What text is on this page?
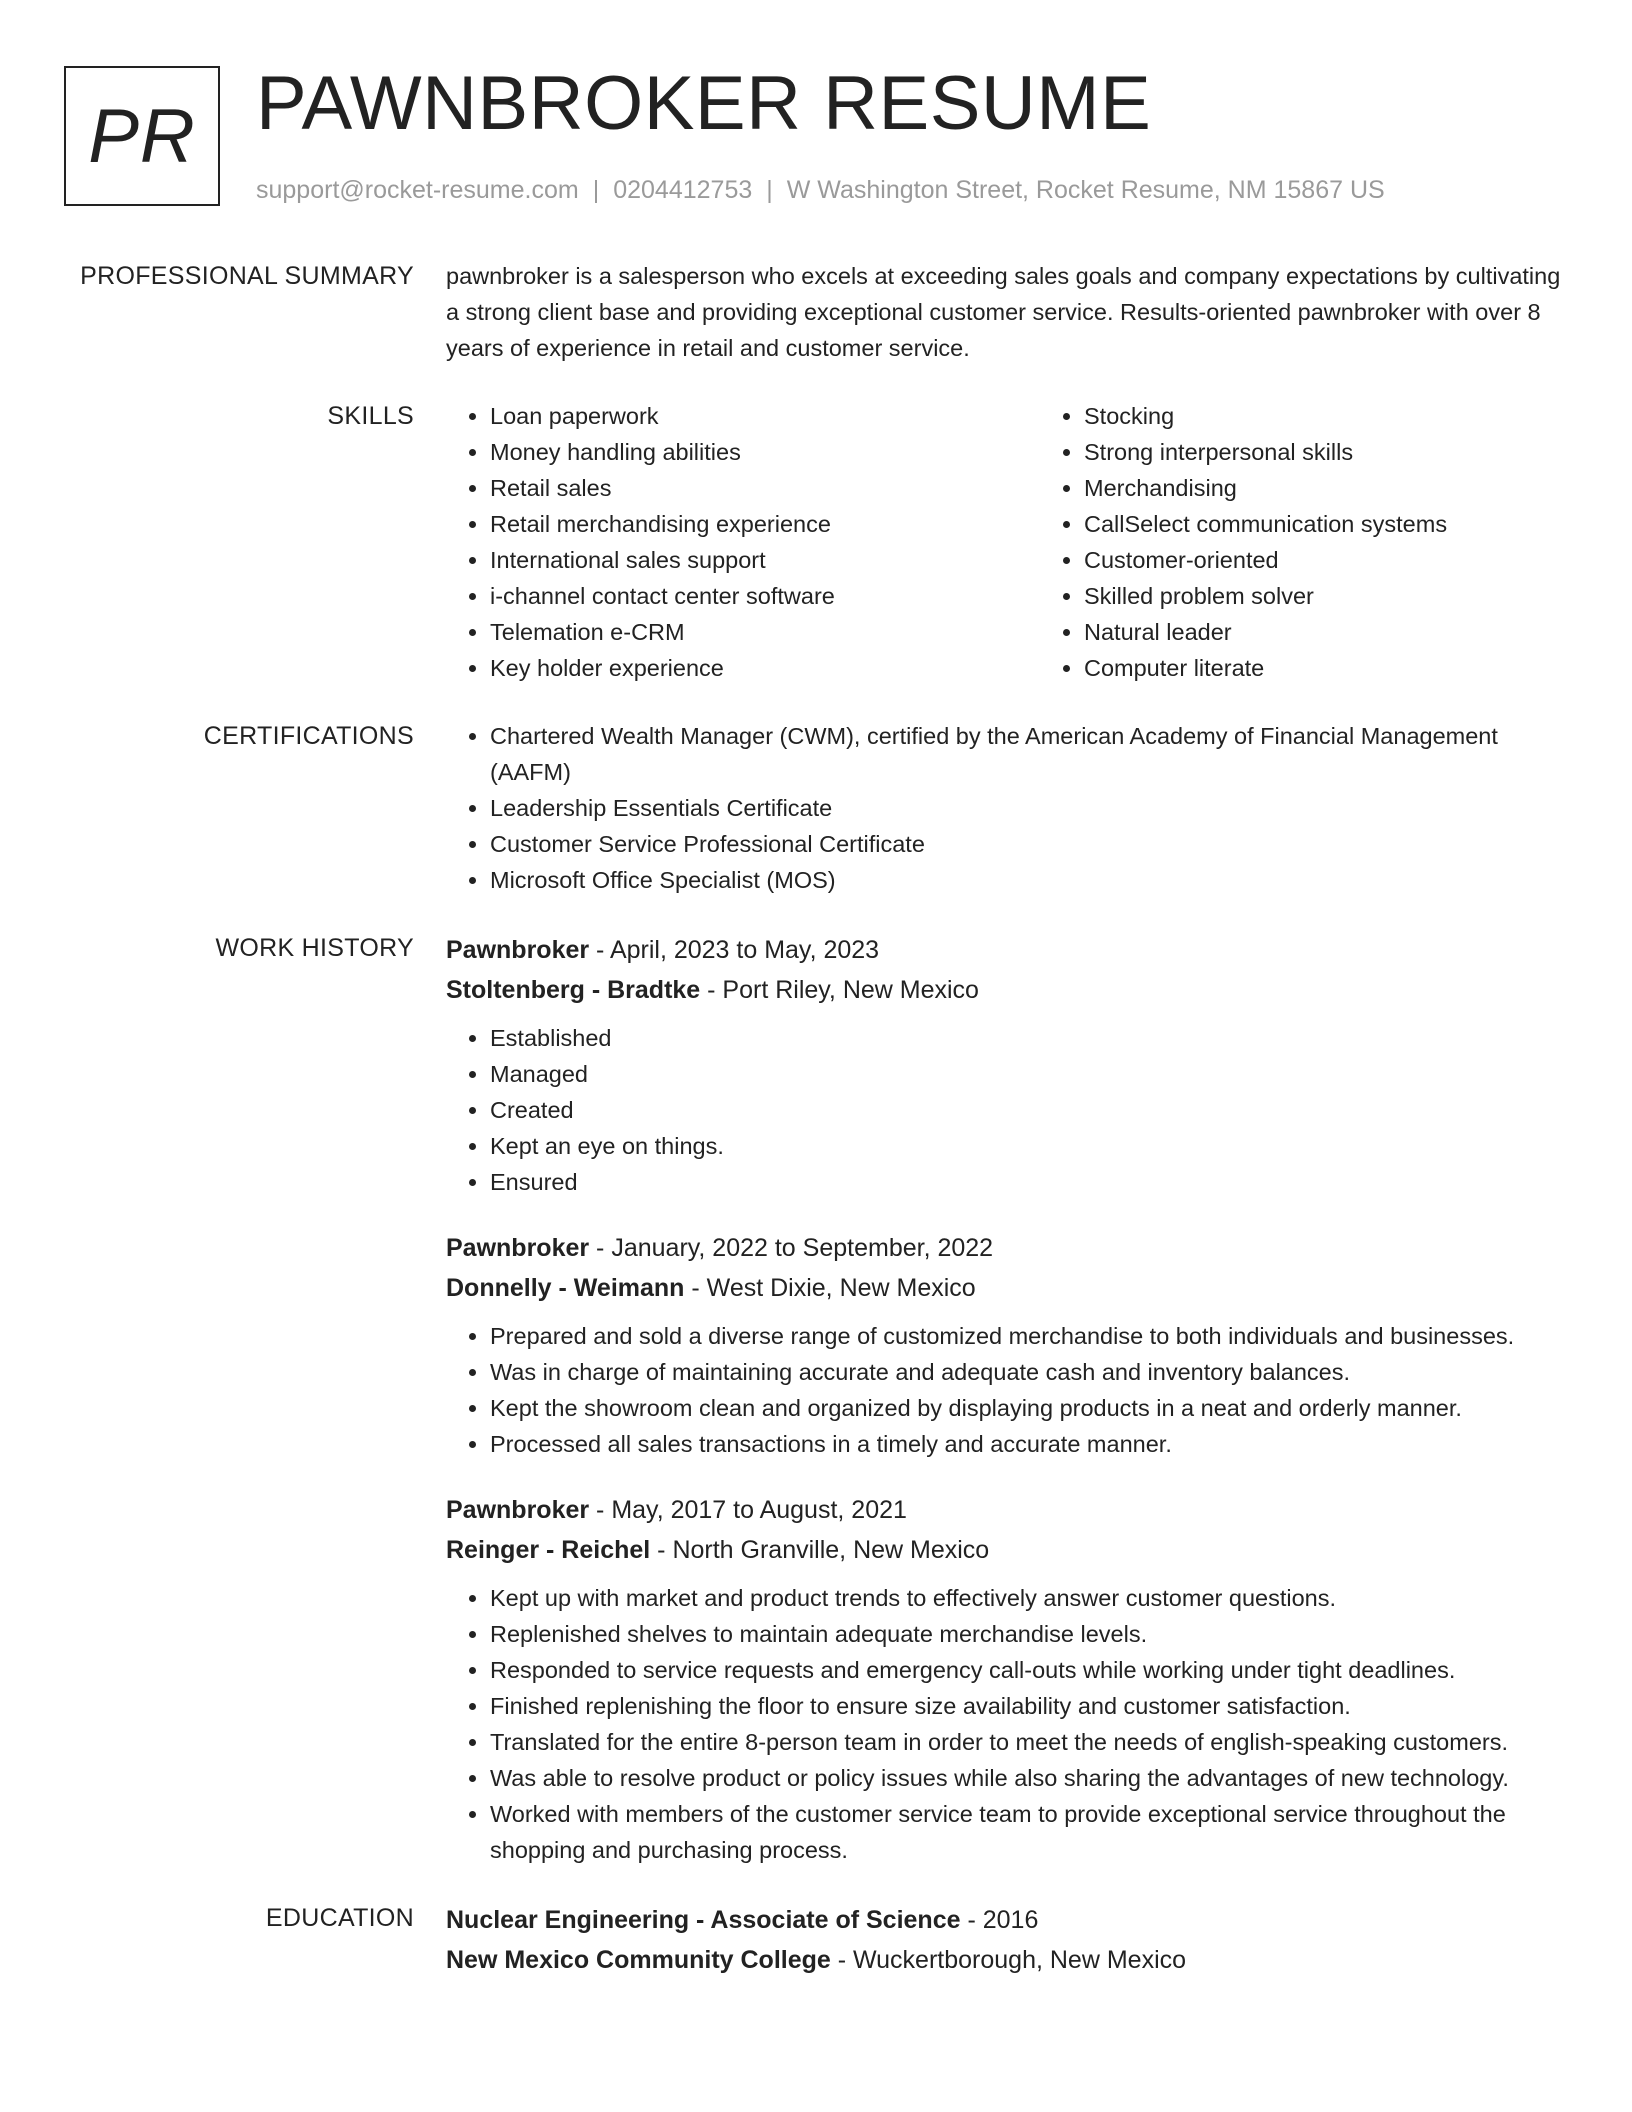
PR PAWNBROKER RESUME
support@rocket-resume.com | 0204412753 | W Washington Street, Rocket Resume, NM 15867 US
PROFESSIONAL SUMMARY pawnbroker is a salesperson who excels at exceeding sales goals and company expectations by cultivating a strong client base and providing exceptional customer service. Results-oriented pawnbroker with over 8 years of experience in retail and customer service.

SKILLS	• Loan paperwork
• Money handling abilities
• Retail sales
• Retail merchandising experience
• International sales support
• i-channel contact center software
• Telemation e-CRM
• Key holder experience
• Stocking
• Strong interpersonal skills
• Merchandising
• CallSelect communication systems
• Customer-oriented
• Skilled problem solver
• Natural leader
• Computer literate
CERTIFICATIONS	• Chartered Wealth Manager (CWM), certified by the American Academy of Financial Management (AAFM)
• Leadership Essentials Certificate
• Customer Service Professional Certificate
• Microsoft Office Specialist (MOS)
WORK HISTORY Pawnbroker - April, 2023 to May, 2023
Stoltenberg - Bradtke - Port Riley, New Mexico
• Established
• Managed
• Created
• Kept an eye on things.
• Ensured
Pawnbroker - January, 2022 to September, 2022
Donnelly - Weimann - West Dixie, New Mexico
• Prepared and sold a diverse range of customized merchandise to both individuals and businesses.
• Was in charge of maintaining accurate and adequate cash and inventory balances.
• Kept the showroom clean and organized by displaying products in a neat and orderly manner.
• Processed all sales transactions in a timely and accurate manner.
Pawnbroker - May, 2017 to August, 2021
Reinger - Reichel - North Granville, New Mexico
• Kept up with market and product trends to effectively answer customer questions.
• Replenished shelves to maintain adequate merchandise levels.
• Responded to service requests and emergency call-outs while working under tight deadlines.
• Finished replenishing the floor to ensure size availability and customer satisfaction.
• Translated for the entire 8-person team in order to meet the needs of english-speaking customers.
• Was able to resolve product or policy issues while also sharing the advantages of new technology.
• Worked with members of the customer service team to provide exceptional service throughout the shopping and purchasing process.
EDUCATION Nuclear Engineering - Associate of Science - 2016
New Mexico Community College - Wuckertborough, New Mexico
